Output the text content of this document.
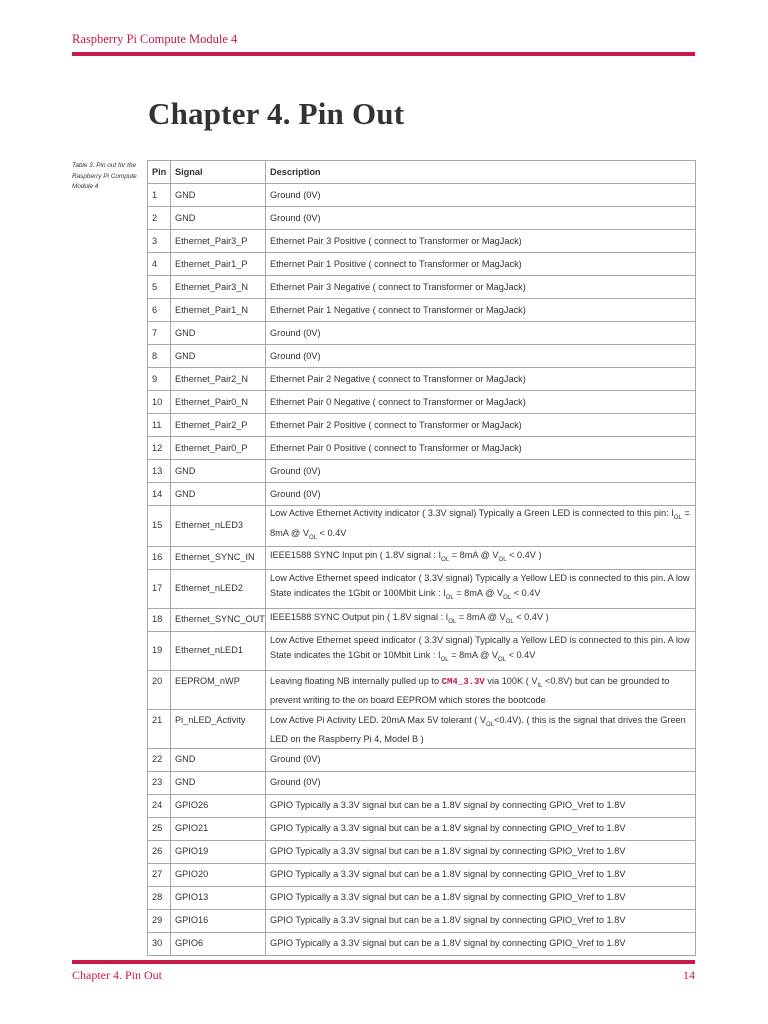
Raspberry Pi Compute Module 4
Chapter 4. Pin Out
Table 3. Pin out for the Raspberry Pi Compute Module 4
Pin	Signal	Description
1	GND	Ground (0V)
2	GND	Ground (0V)
3	Ethernet_Pair3_P	Ethernet Pair 3 Positive ( connect to Transformer or MagJack)
4	Ethernet_Pair1_P	Ethernet Pair 1 Positive ( connect to Transformer or MagJack)
5	Ethernet_Pair3_N	Ethernet Pair 3 Negative ( connect to Transformer or MagJack)
6	Ethernet_Pair1_N	Ethernet Pair 1 Negative ( connect to Transformer or MagJack)
7	GND	Ground (0V)
8	GND	Ground (0V)
9	Ethernet_Pair2_N	Ethernet Pair 2 Negative ( connect to Transformer or MagJack)
10	Ethernet_Pair0_N	Ethernet Pair 0 Negative ( connect to Transformer or MagJack)
11	Ethernet_Pair2_P	Ethernet Pair 2 Positive ( connect to Transformer or MagJack)
12	Ethernet_Pair0_P	Ethernet Pair 0 Positive ( connect to Transformer or MagJack)
13	GND	Ground (0V)
14	GND	Ground (0V)
15	Ethernet_nLED3	Low Active Ethernet Activity indicator ( 3.3V signal) Typically a Green LED is connected to this pin: $I_{OL} = 8mA$ @ $V_{OL} < 0.4V$
16	Ethernet_SYNC_IN	IEEE1588 SYNC Input pin ( 1.8V signal : $I_{OL} = 8mA$ @ $V_{OL} < 0.4V$ )
17	Ethernet_nLED2	Low Active Ethernet speed indicator ( 3.3V signal) Typically a Yellow LED is connected to this pin. A low State indicates the 1Gbit or 100Mbit Link : $I_{OL} = 8mA$ @ $V_{OL} < 0.4V$
18	Ethernet_SYNC_OUT	IEEE1588 SYNC Output pin ( 1.8V signal : $I_{OL} = 8mA$ @ $V_{OL} < 0.4V$ )
19	Ethernet_nLED1	Low Active Ethernet speed indicator ( 3.3V signal) Typically a Yellow LED is connected to this pin. A low State indicates the 1Gbit or 10Mbit Link : $I_{OL} = 8mA$ @ $V_{OL} < 0.4V$
20	EEPROM_nWP	Leaving floating NB internally pulled up to CM4_3.3V via 100K ( $V_{IL} <0.8V$) but can be grounded to prevent writing to the on board EEPROM which stores the bootcode
21	Pi_nLED_Activity	Low Active Pi Activity LED. 20mA Max 5V tolerant ( $V_{OL}<0.4V$). ( this is the signal that drives the Green LED on the Raspberry Pi 4, Model B )
22	GND	Ground (0V)
23	GND	Ground (0V)
24	GPIO26	GPIO Typically a 3.3V signal but can be a 1.8V signal by connecting GPIO_Vref to 1.8V
25	GPIO21	GPIO Typically a 3.3V signal but can be a 1.8V signal by connecting GPIO_Vref to 1.8V
26	GPIO19	GPIO Typically a 3.3V signal but can be a 1.8V signal by connecting GPIO_Vref to 1.8V
27	GPIO20	GPIO Typically a 3.3V signal but can be a 1.8V signal by connecting GPIO_Vref to 1.8V
28	GPIO13	GPIO Typically a 3.3V signal but can be a 1.8V signal by connecting GPIO_Vref to 1.8V
29	GPIO16	GPIO Typically a 3.3V signal but can be a 1.8V signal by connecting GPIO_Vref to 1.8V
30	GPIO6	GPIO Typically a 3.3V signal but can be a 1.8V signal by connecting GPIO_Vref to 1.8V
Chapter 4. Pin Out	14
